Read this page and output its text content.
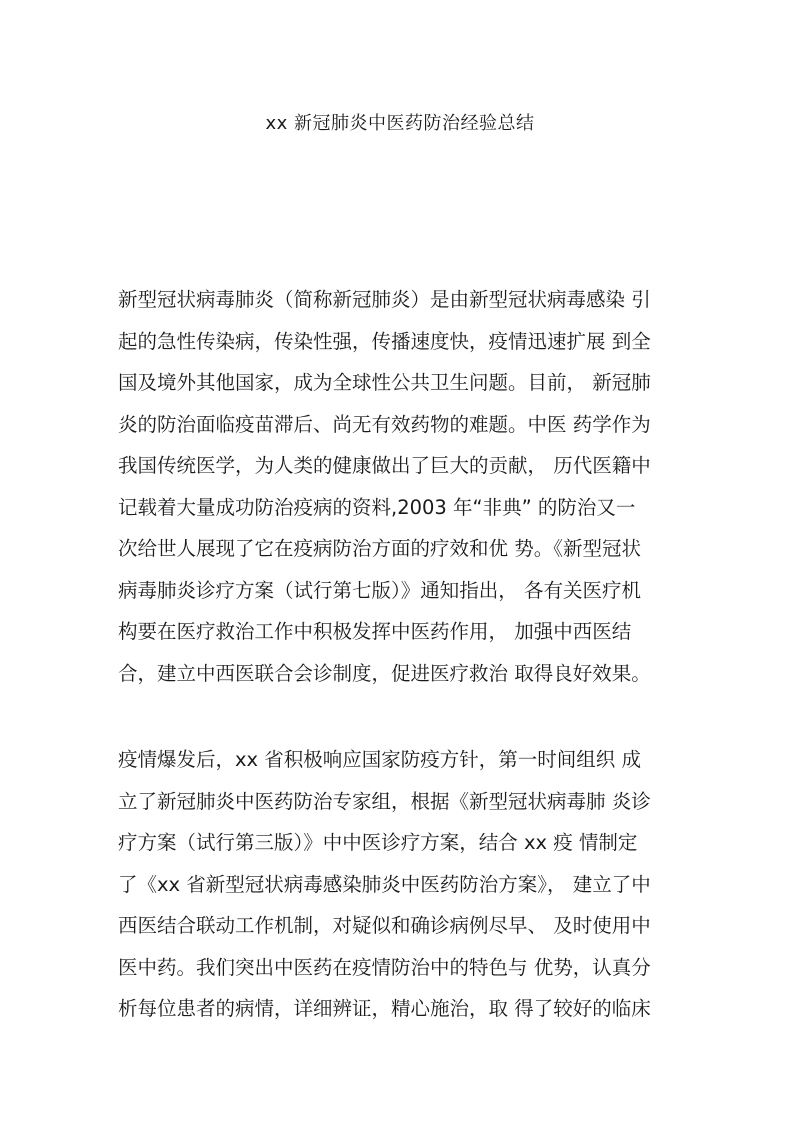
xx 新冠肺炎中医药防治经验总结
新型冠状病毒肺炎（简称新冠肺炎）是由新型冠状病毒感染 引
起的急性传染病，传染性强，传播速度快，疫情迅速扩展 到全
国及境外其他国家，成为全球性公共卫生问题。目前， 新冠肺
炎的防治面临疫苗滞后、尚无有效药物的难题。中医 药学作为
我国传统医学，为人类的健康做出了巨大的贡献， 历代医籍中
记载着大量成功防治疫病的资料,2003 年“非典” 的防治又一
次给世人展现了它在疫病防治方面的疗效和优 势。《新型冠状
病毒肺炎诊疗方案（试行第七版）》通知指出， 各有关医疗机
构要在医疗救治工作中积极发挥中医药作用， 加强中西医结
合，建立中西医联合会诊制度，促进医疗救治 取得良好效果。
疫情爆发后，xx 省积极响应国家防疫方针，第一时间组织 成
立了新冠肺炎中医药防治专家组，根据《新型冠状病毒肺 炎诊
疗方案（试行第三版）》中中医诊疗方案，结合 xx 疫 情制定
了《xx 省新型冠状病毒感染肺炎中医药防治方案》， 建立了中
西医结合联动工作机制，对疑似和确诊病例尽早、 及时使用中
医中药。我们突出中医药在疫情防治中的特色与 优势，认真分
析每位患者的病情，详细辨证，精心施治，取 得了较好的临床
